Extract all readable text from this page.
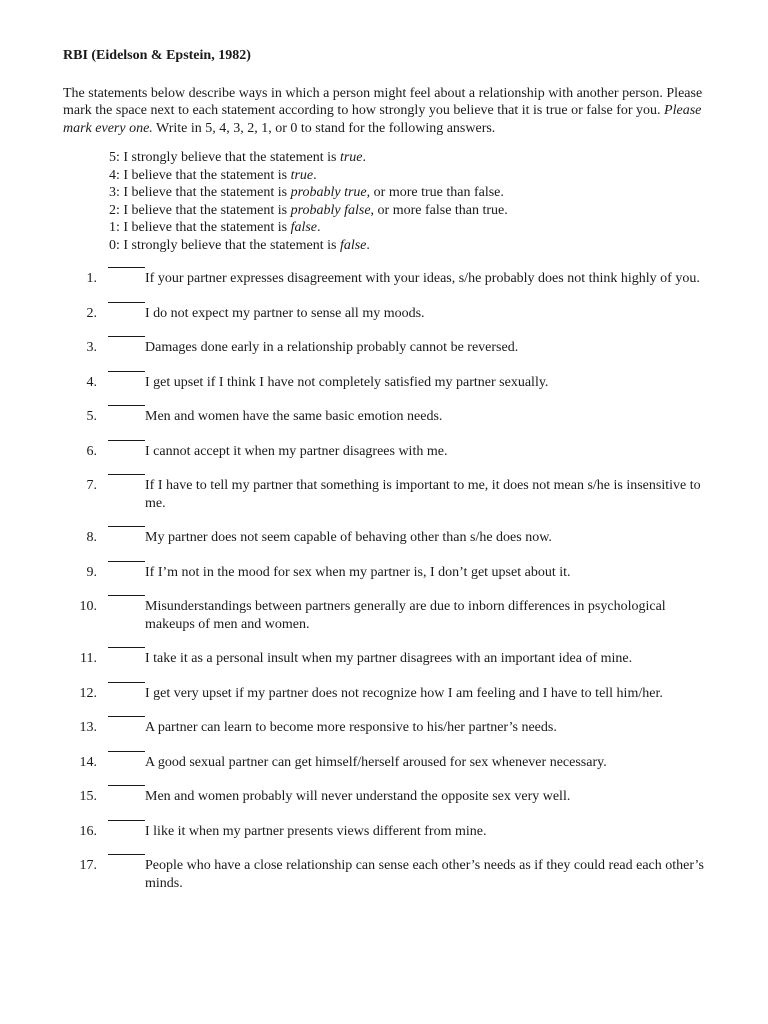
RBI (Eidelson & Epstein, 1982)

The statements below describe ways in which a person might feel about a relationship with another person. Please mark the space next to each statement according to how strongly you believe that it is true or false for you. Please mark every one. Write in 5, 4, 3, 2, 1, or 0 to stand for the following answers.

5: I strongly believe that the statement is true.
4: I believe that the statement is true.
3: I believe that the statement is probably true, or more true than false.
2: I believe that the statement is probably false, or more false than true.
1: I believe that the statement is false.
0: I strongly believe that the statement is false.
1.	If your partner expresses disagreement with your ideas, s/he probably does not think highly of you.
2.	I do not expect my partner to sense all my moods.
3.	Damages done early in a relationship probably cannot be reversed.
4.	I get upset if I think I have not completely satisfied my partner sexually.
5.	Men and women have the same basic emotion needs.
6.	I cannot accept it when my partner disagrees with me.
7.	If I have to tell my partner that something is important to me, it does not mean s/he is insensitive to me.
8.	My partner does not seem capable of behaving other than s/he does now.
9.	If I’m not in the mood for sex when my partner is, I don’t get upset about it.
10.	Misunderstandings between partners generally are due to inborn differences in psychological makeups of men and women.
11.	I take it as a personal insult when my partner disagrees with an important idea of mine.
12.	I get very upset if my partner does not recognize how I am feeling and I have to tell him/her.
13.	A partner can learn to become more responsive to his/her partner’s needs.
14.	A good sexual partner can get himself/herself aroused for sex whenever necessary.
15.	Men and women probably will never understand the opposite sex very well.
16.	I like it when my partner presents views different from mine.
17.	People who have a close relationship can sense each other’s needs as if they could read each other’s minds.
